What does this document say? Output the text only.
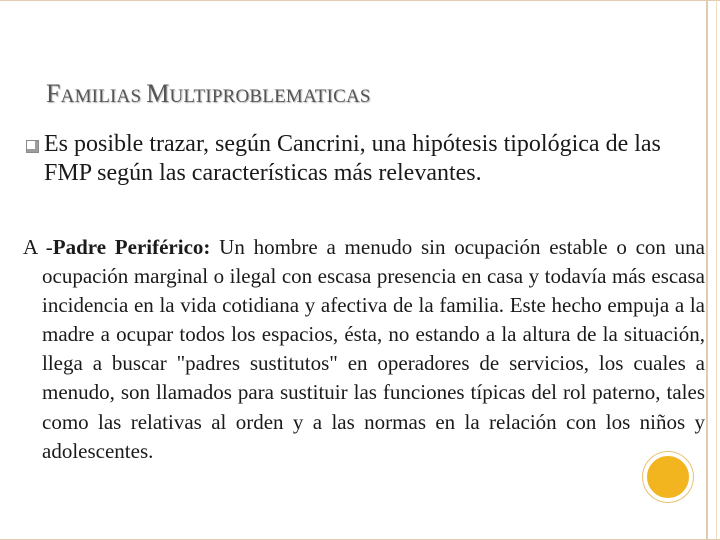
FAMILIAS MULTIPROBLEMATICAS
Es posible trazar, según Cancrini, una hipótesis tipológica de las FMP según las características más relevantes.
A -Padre Periférico: Un hombre a menudo sin ocupación estable o con una ocupación marginal o ilegal con escasa presencia en casa y todavía más escasa incidencia en la vida cotidiana y afectiva de la familia. Este hecho empuja a la madre a ocupar todos los espacios, ésta, no estando a la altura de la situación, llega a buscar "padres sustitutos" en operadores de servicios, los cuales a menudo, son llamados para sustituir las funciones típicas del rol paterno, tales como las relativas al orden y a las normas en la relación con los niños y adolescentes.
